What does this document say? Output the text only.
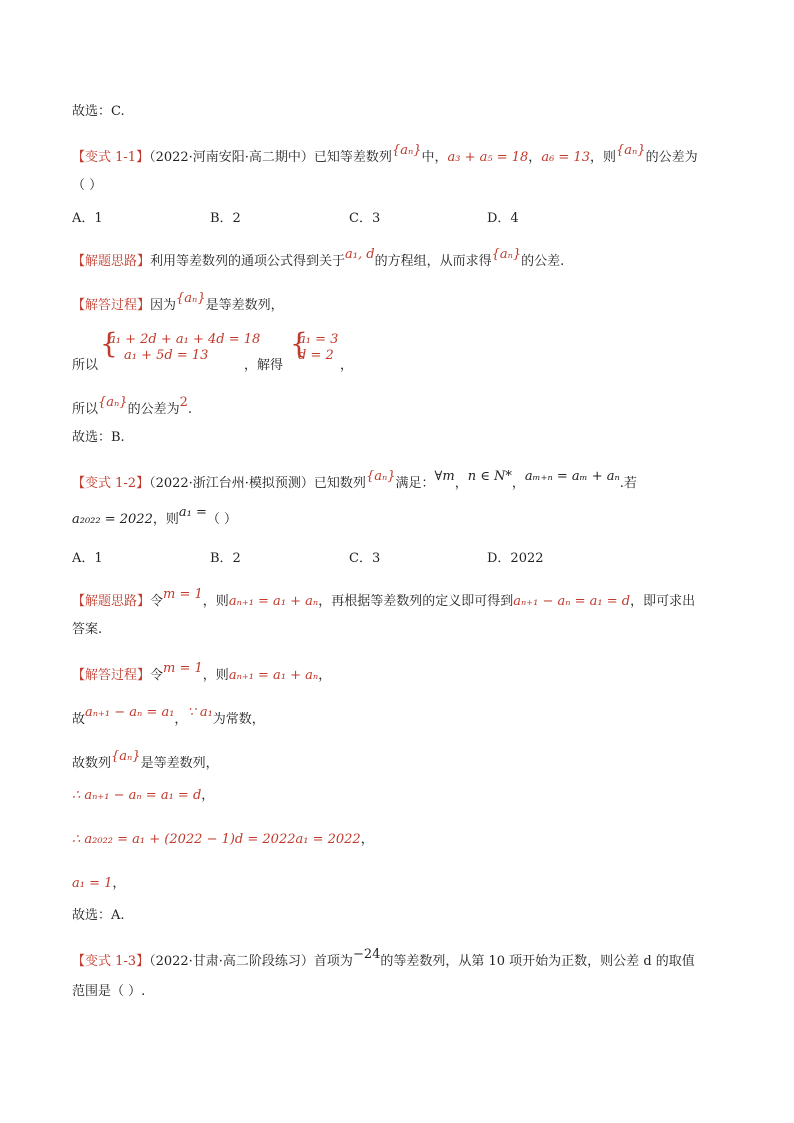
故选：C.
【变式 1-1】（2022·河南安阳·高二期中）已知等差数列{aₙ}中，a₃ + a₅ = 18，a₆ = 13，则{aₙ}的公差为
（ ）
A．1	B．2	C．3	D．4
【解题思路】利用等差数列的通项公式得到关于a₁, d的方程组，从而求得{aₙ}的公差.
【解答过程】因为{aₙ}是等差数列，
{
a₁ + 2d + a₁ + 4d = 18
a₁ + 5d = 13
所以	，解得
{
a₁ = 3
d = 2
，
所以{aₙ}的公差为2.
故选：B.
【变式 1-2】（2022·浙江台州·模拟预测）已知数列{aₙ}满足：∀m，n ∈ N*，aₘ₊ₙ = aₘ + aₙ.若
a₂₀₂₂ = 2022，则a₁ =（ ）
A．1	B．2	C．3	D．2022
【解题思路】令m = 1，则aₙ₊₁ = a₁ + aₙ，再根据等差数列的定义即可得到aₙ₊₁ − aₙ = a₁ = d，即可求出
答案.
【解答过程】令m = 1，则aₙ₊₁ = a₁ + aₙ，
故aₙ₊₁ − aₙ = a₁，∵ a₁为常数，
故数列{aₙ}是等差数列，
∴ aₙ₊₁ − aₙ = a₁ = d，
∴ a₂₀₂₂ = a₁ + (2022 − 1)d = 2022a₁ = 2022，
a₁ = 1，
故选：A.
【变式 1-3】（2022·甘肃·高二阶段练习）首项为−24的等差数列，从第 10 项开始为正数，则公差 d 的取值
范围是（ ）.
